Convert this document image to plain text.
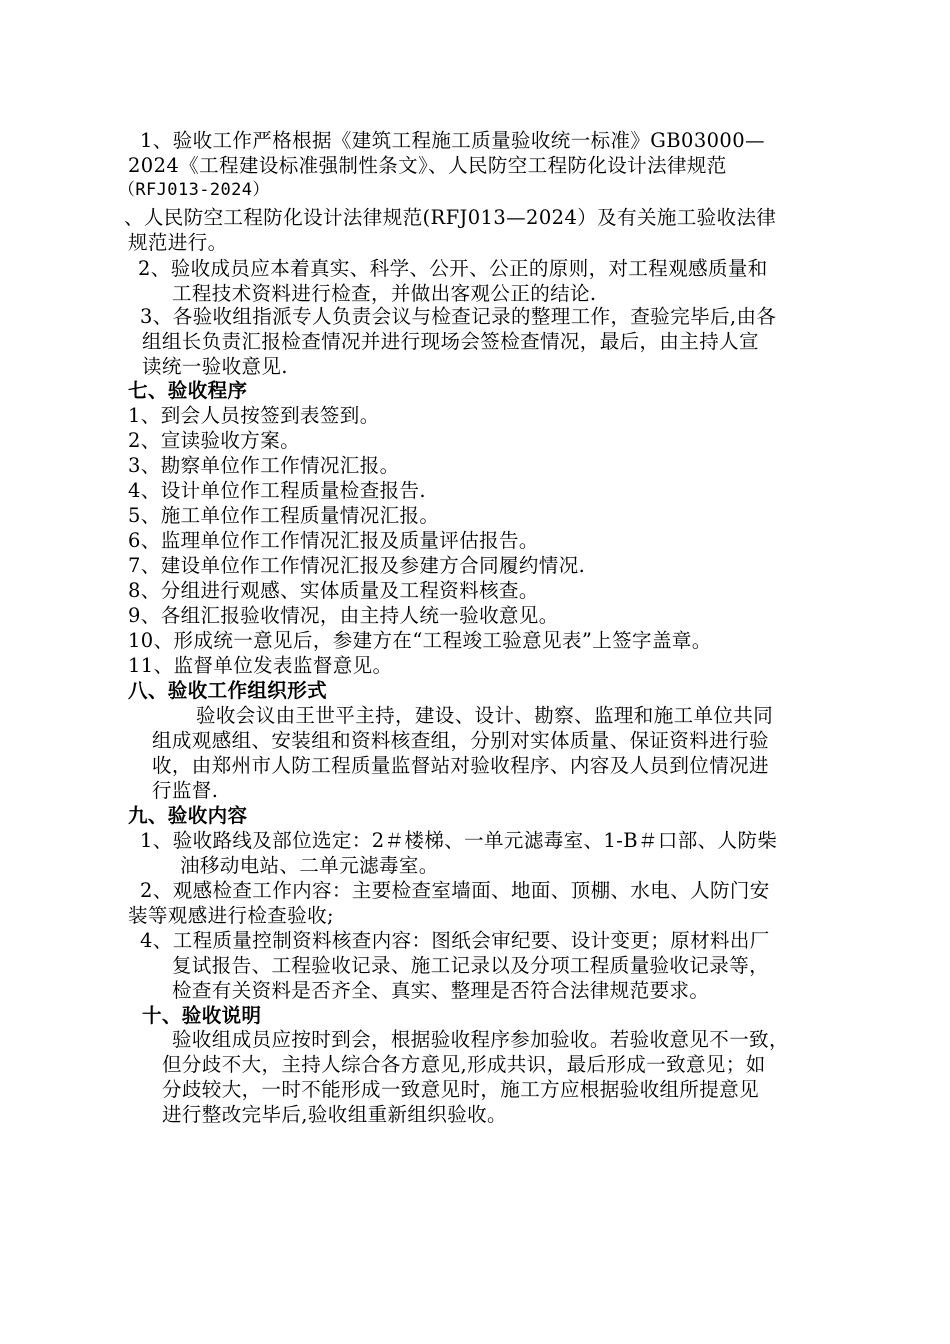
1、验收工作严格根据《建筑工程施工质量验收统一标准》GB03000—
2024《工程建设标准强制性条文》、人民防空工程防化设计法律规范
（RFJ013-2024）
、人民防空工程防化设计法律规范(RFJ013—2024）及有关施工验收法律
规范进行。
2、验收成员应本着真实、科学、公开、公正的原则，对工程观感质量和
工程技术资料进行检查，并做出客观公正的结论.
3、各验收组指派专人负责会议与检查记录的整理工作，查验完毕后,由各
组组长负责汇报检查情况并进行现场会签检查情况，最后，由主持人宣
读统一验收意见.
七、验收程序
1、到会人员按签到表签到。
2、宣读验收方案。
3、勘察单位作工作情况汇报。
4、设计单位作工程质量检查报告.
5、施工单位作工程质量情况汇报。
6、监理单位作工作情况汇报及质量评估报告。
7、建设单位作工作情况汇报及参建方合同履约情况.
8、分组进行观感、实体质量及工程资料核查。
9、各组汇报验收情况，由主持人统一验收意见。
10、形成统一意见后，参建方在“工程竣工验意见表”上签字盖章。
11、监督单位发表监督意见。
八、验收工作组织形式
验收会议由王世平主持，建设、设计、勘察、监理和施工单位共同
组成观感组、安装组和资料核查组，分别对实体质量、保证资料进行验
收，由郑州市人防工程质量监督站对验收程序、内容及人员到位情况进
行监督.
九、验收内容
1、验收路线及部位选定：2＃楼梯、一单元滤毒室、1-B＃口部、人防柴
油移动电站、二单元滤毒室。
2、观感检查工作内容：主要检查室墙面、地面、顶棚、水电、人防门安
装等观感进行检查验收;
4、工程质量控制资料核查内容：图纸会审纪要、设计变更；原材料出厂
复试报告、工程验收记录、施工记录以及分项工程质量验收记录等，
检查有关资料是否齐全、真实、整理是否符合法律规范要求。
十、验收说明
验收组成员应按时到会，根据验收程序参加验收。若验收意见不一致，
但分歧不大，主持人综合各方意见,形成共识，最后形成一致意见；如
分歧较大，一时不能形成一致意见时，施工方应根据验收组所提意见
进行整改完毕后,验收组重新组织验收。
